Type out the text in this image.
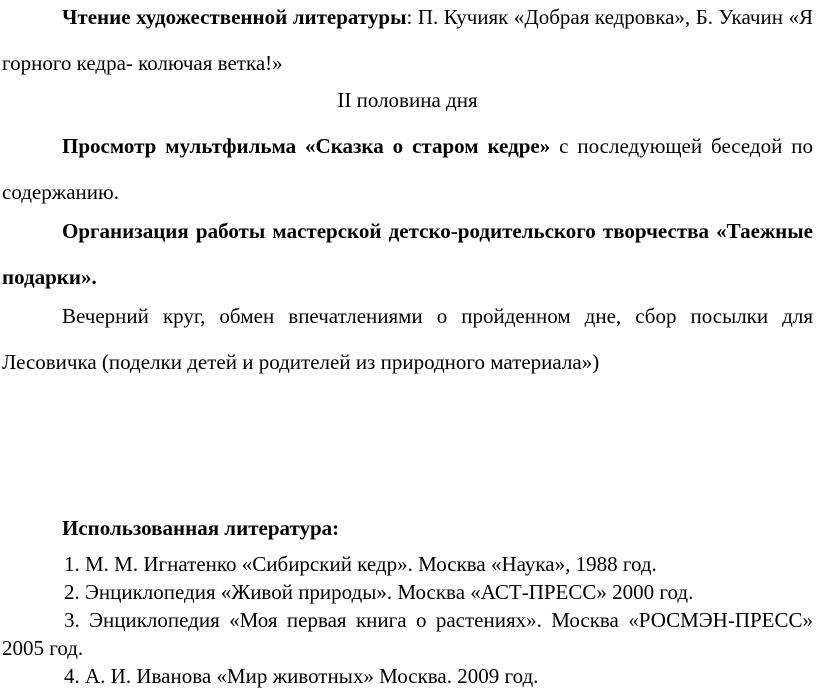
Чтение художественной литературы: П. Кучияк «Добрая кедровка», Б. Укачин «Я горного кедра- колючая ветка!»

II половина дня

Просмотр мультфильма «Сказка о старом кедре» с последующей беседой по содержанию.

Организация работы мастерской детско-родительского творчества «Таежные подарки».

Вечерний круг, обмен впечатлениями о пройденном дне, сбор посылки для Лесовичка (поделки детей и родителей из природного материала»)

Использованная литература:

1. М. М. Игнатенко «Сибирский кедр». Москва «Наука», 1988 год.
2. Энциклопедия «Живой природы». Москва «АСТ-ПРЕСС» 2000 год.
3. Энциклопедия «Моя первая книга о растениях». Москва «РОСМЭН-ПРЕСС» 2005 год.
4. А. И. Иванова «Мир животных» Москва. 2009 год.
